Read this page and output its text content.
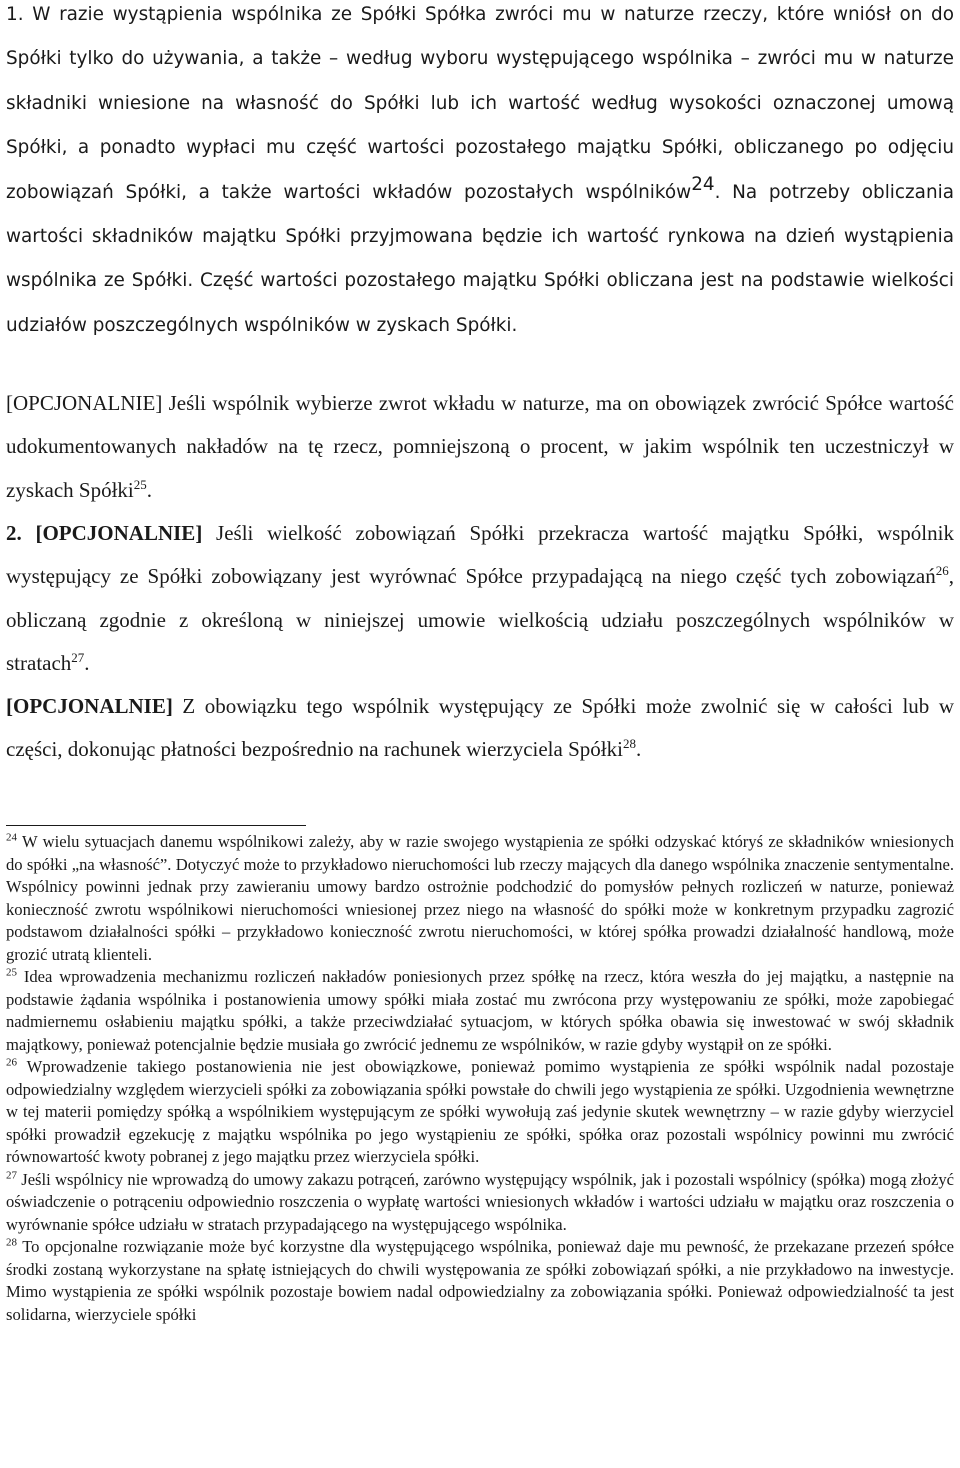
1. W razie wystąpienia wspólnika ze Spółki Spółka zwróci mu w naturze rzeczy, które wniósł on do Spółki tylko do używania, a także – według wyboru występującego wspólnika – zwróci mu w naturze składniki wniesione na własność do Spółki lub ich wartość według wysokości oznaczonej umową Spółki, a ponadto wypłaci mu część wartości pozostałego majątku Spółki, obliczanego po odjęciu zobowiązań Spółki, a także wartości wkładów pozostałych wspólników$^{24}$. Na potrzeby obliczania wartości składników majątku Spółki przyjmowana będzie ich wartość rynkowa na dzień wystąpienia wspólnika ze Spółki. Część wartości pozostałego majątku Spółki obliczana jest na podstawie wielkości udziałów poszczególnych wspólników w zyskach Spółki.

[OPCJONALNIE] Jeśli wspólnik wybierze zwrot wkładu w naturze, ma on obowiązek zwrócić Spółce wartość udokumentowanych nakładów na tę rzecz, pomniejszoną o procent, w jakim wspólnik ten uczestniczył w zyskach Spółki$^{25}$.

2. [OPCJONALNIE] Jeśli wielkość zobowiązań Spółki przekracza wartość majątku Spółki, wspólnik występujący ze Spółki zobowiązany jest wyrównać Spółce przypadającą na niego część tych zobowiązań$^{26}$, obliczaną zgodnie z określoną w niniejszej umowie wielkością udziału poszczególnych wspólników w stratach$^{27}$.

[OPCJONALNIE] Z obowiązku tego wspólnik występujący ze Spółki może zwolnić się w całości lub w części, dokonując płatności bezpośrednio na rachunek wierzyciela Spółki$^{28}$.

$^{24}$ W wielu sytuacjach danemu wspólnikowi zależy, aby w razie swojego wystąpienia ze spółki odzyskać któryś ze składników wniesionych do spółki „na własność”. Dotyczyć może to przykładowo nieruchomości lub rzeczy mających dla danego wspólnika znaczenie sentymentalne. Wspólnicy powinni jednak przy zawieraniu umowy bardzo ostrożnie podchodzić do pomysłów pełnych rozliczeń w naturze, ponieważ konieczność zwrotu wspólnikowi nieruchomości wniesionej przez niego na własność do spółki może w konkretnym przypadku zagrozić podstawom działalności spółki – przykładowo konieczność zwrotu nieruchomości, w której spółka prowadzi działalność handlową, może grozić utratą klienteli.

$^{25}$ Idea wprowadzenia mechanizmu rozliczeń nakładów poniesionych przez spółkę na rzecz, która weszła do jej majątku, a następnie na podstawie żądania wspólnika i postanowienia umowy spółki miała zostać mu zwrócona przy występowaniu ze spółki, może zapobiegać nadmiernemu osłabieniu majątku spółki, a także przeciwdziałać sytuacjom, w których spółka obawia się inwestować w swój składnik majątkowy, ponieważ potencjalnie będzie musiała go zwrócić jednemu ze wspólników, w razie gdyby wystąpił on ze spółki.

$^{26}$ Wprowadzenie takiego postanowienia nie jest obowiązkowe, ponieważ pomimo wystąpienia ze spółki wspólnik nadal pozostaje odpowiedzialny względem wierzycieli spółki za zobowiązania spółki powstałe do chwili jego wystąpienia ze spółki. Uzgodnienia wewnętrzne w tej materii pomiędzy spółką a wspólnikiem występującym ze spółki wywołują zaś jedynie skutek wewnętrzny – w razie gdyby wierzyciel spółki prowadził egzekucję z majątku wspólnika po jego wystąpieniu ze spółki, spółka oraz pozostali wspólnicy powinni mu zwrócić równowartość kwoty pobranej z jego majątku przez wierzyciela spółki.

$^{27}$ Jeśli wspólnicy nie wprowadzą do umowy zakazu potrąceń, zarówno występujący wspólnik, jak i pozostali wspólnicy (spółka) mogą złożyć oświadczenie o potrąceniu odpowiednio roszczenia o wypłatę wartości wniesionych wkładów i wartości udziału w majątku oraz roszczenia o wyrównanie spółce udziału w stratach przypadającego na występującego wspólnika.

$^{28}$ To opcjonalne rozwiązanie może być korzystne dla występującego wspólnika, ponieważ daje mu pewność, że przekazane przezeń spółce środki zostaną wykorzystane na spłatę istniejących do chwili występowania ze spółki zobowiązań spółki, a nie przykładowo na inwestycje. Mimo wystąpienia ze spółki wspólnik pozostaje bowiem nadal odpowiedzialny za zobowiązania spółki. Ponieważ odpowiedzialność ta jest solidarna, wierzyciele spółki
